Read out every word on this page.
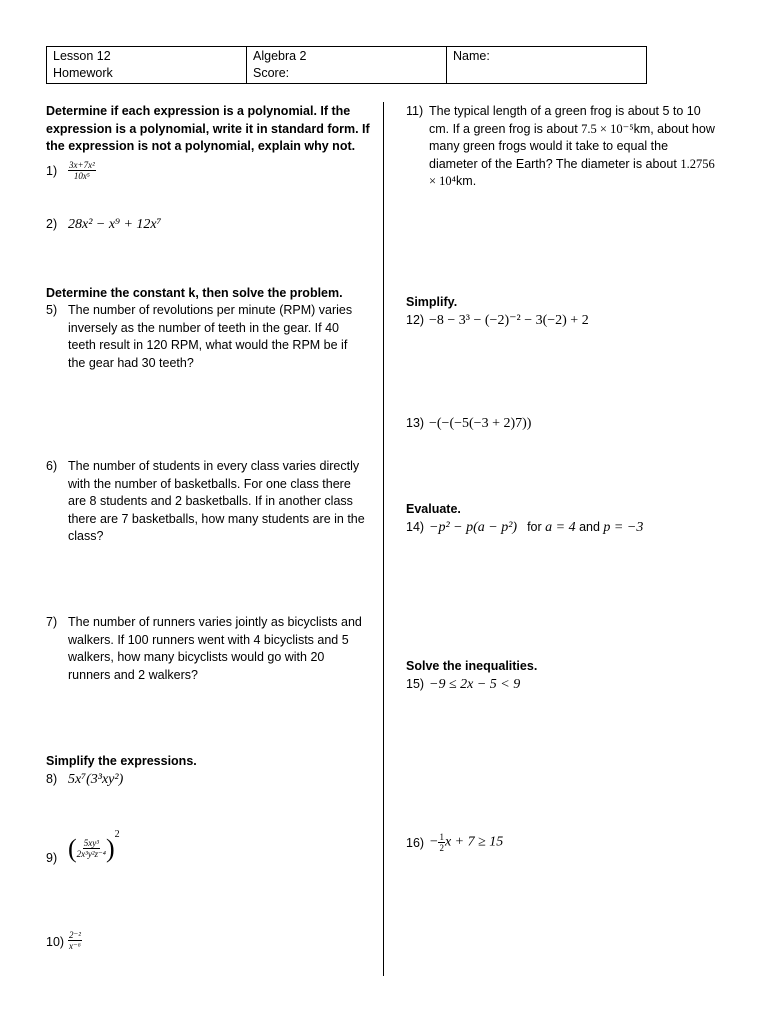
Lesson 12
Homework
Algebra 2
Score:
Name:
Determine if each expression is a polynomial. If the expression is a polynomial, write it in standard form. If the expression is not a polynomial, explain why not.
$1) \frac{\text{3x+7x²}}{\text{10x⁵}}$
2) 28x² − x⁹ + 12x⁷
Determine the constant k, then solve the problem.
5) The number of revolutions per minute (RPM) varies inversely as the number of teeth in the gear. If 40 teeth result in 120 RPM, what would the RPM be if the gear had 30 teeth?
6) The number of students in every class varies directly with the number of basketballs. For one class there are 8 students and 2 basketballs. If in another class there are 7 basketballs, how many students are in the class?
7) The number of runners varies jointly as bicyclists and walkers. If 100 runners went with 4 bicyclists and 5 walkers, how many bicyclists would go with 20 runners and 2 walkers?
Simplify the expressions.
8) 5x⁷(3³xy²)
9) ( $\frac{\text{5xy³}}{\text{2x³y²z⁻⁴}} )^2$
$10) \frac{\text{2⁻²}}{\text{x⁻⁶}}$
11) The typical length of a green frog is about 5 to 10 cm. If a green frog is about 7.5 × 10⁻⁵km, about how many green frogs would it take to equal the diameter of the Earth? The diameter is about 1.2756 × 10⁴km.
Simplify.
12) −8 − 3³ − (−2)⁻² − 3(−2) + 2
13) −(−(−5(−3 + 2)7))
Evaluate.
14) −p² − p(a − p²) for a = 4 and p = −3
Solve the inequalities.
15) −9 ≤ 2x − 5 < 9
$16) - \frac{1}{2}$ x + 7 ≥ 15
